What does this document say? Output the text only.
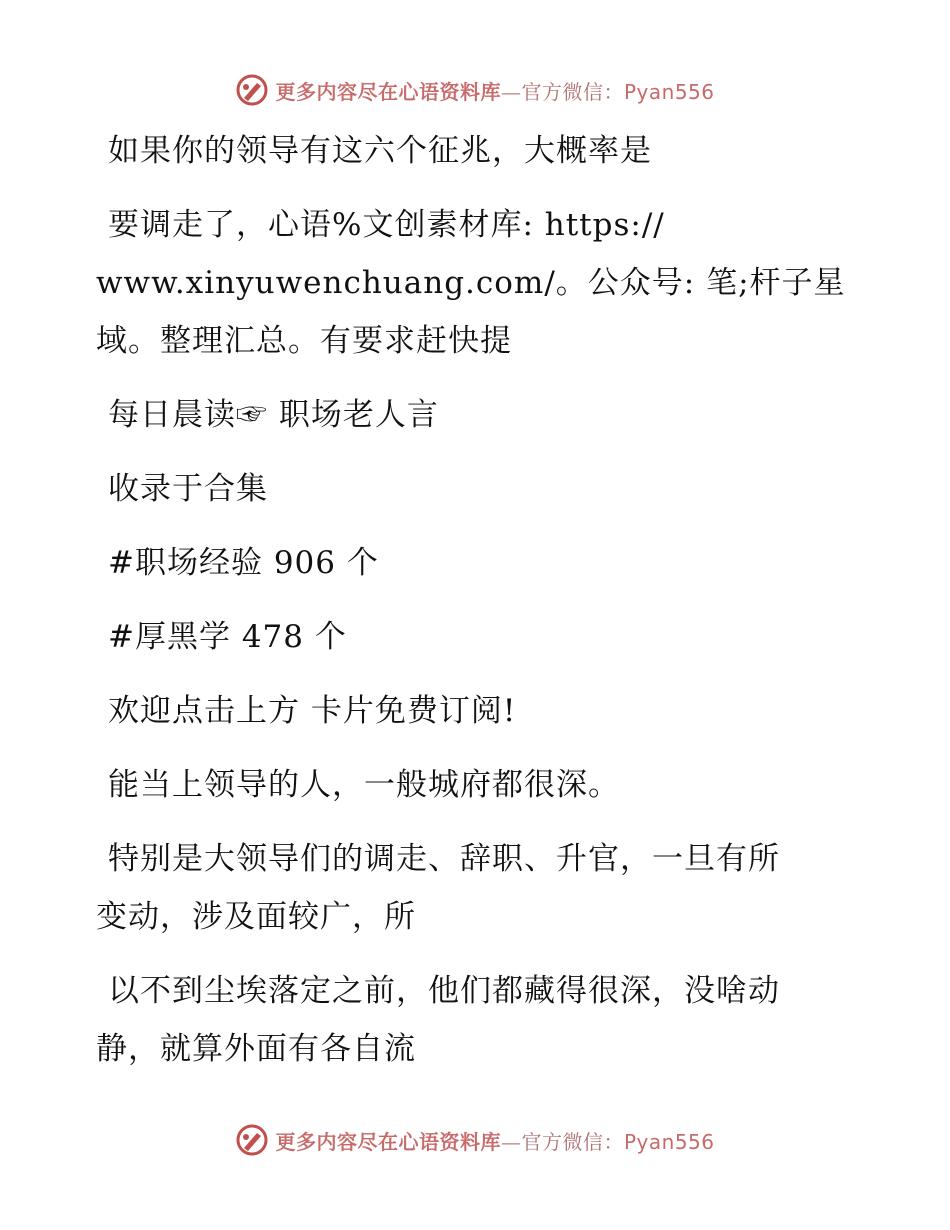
更多内容尽在心语资料库—官方微信：Pyan556
如果你的领导有这六个征兆，大概率是
要调走了，心语%文创素材库: https://
www.xinyuwenchuang.com/。公众号: 笔;杆子星
域。整理汇总。有要求赶快提
每日晨读☞ 职场老人言
收录于合集
#职场经验 906 个
#厚黑学 478 个
欢迎点击上方 卡片免费订阅!
能当上领导的人，一般城府都很深。
特别是大领导们的调走、辞职、升官，一旦有所
变动，涉及面较广，所
以不到尘埃落定之前，他们都藏得很深，没啥动
静，就算外面有各自流
更多内容尽在心语资料库—官方微信：Pyan556
